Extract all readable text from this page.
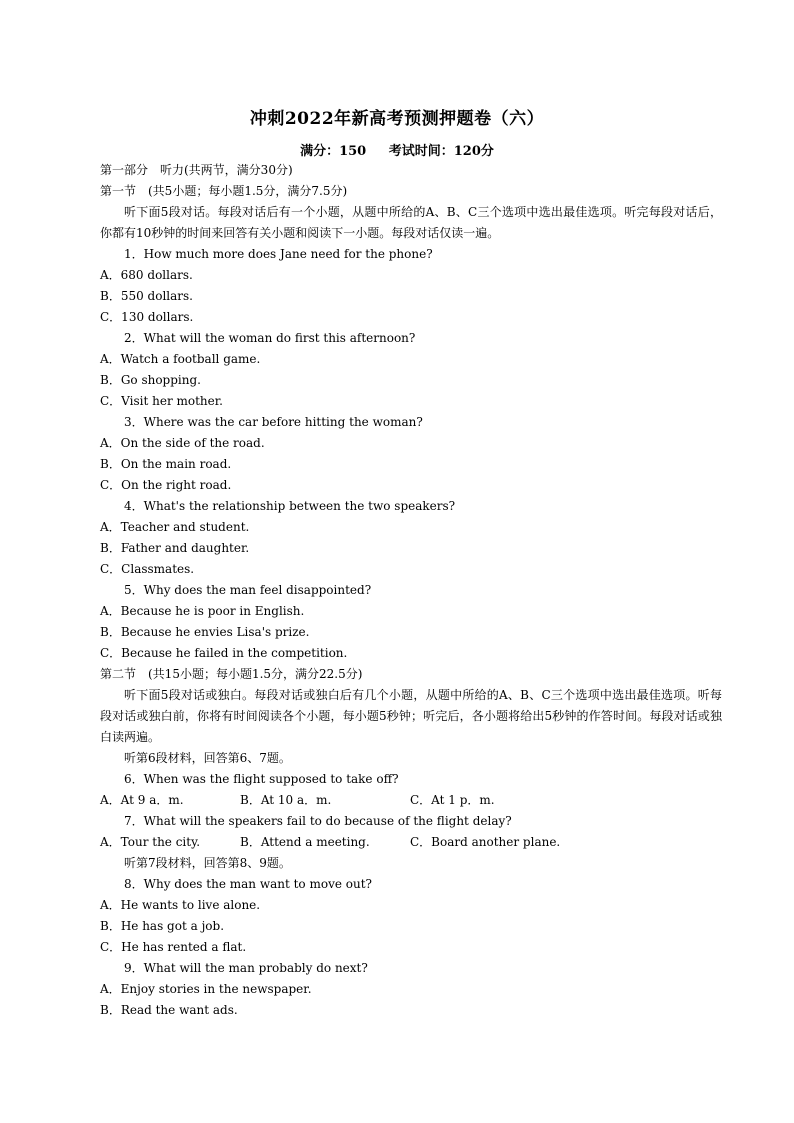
冲刺2022年新高考预测押题卷（六）
满分：150 考试时间：120分
第一部分　听力(共两节，满分30分)
第一节　(共5小题；每小题1.5分，满分7.5分)
听下面5段对话。每段对话后有一个小题，从题中所给的A、B、C三个选项中选出最佳选项。听完每段对话后，你都有10秒钟的时间来回答有关小题和阅读下一小题。每段对话仅读一遍。
1．How much more does Jane need for the phone?
A．680 dollars.
B．550 dollars.
C．130 dollars.
2．What will the woman do first this afternoon?
A．Watch a football game.
B．Go shopping.
C．Visit her mother.
3．Where was the car before hitting the woman?
A．On the side of the road.
B．On the main road.
C．On the right road.
4．What's the relationship between the two speakers?
A．Teacher and student.
B．Father and daughter.
C．Classmates.
5．Why does the man feel disappointed?
A．Because he is poor in English.
B．Because he envies Lisa's prize.
C．Because he failed in the competition.
第二节　(共15小题；每小题1.5分，满分22.5分)
听下面5段对话或独白。每段对话或独白后有几个小题，从题中所给的A、B、C三个选项中选出最佳选项。听每段对话或独白前，你将有时间阅读各个小题，每小题5秒钟；听完后，各小题将给出5秒钟的作答时间。每段对话或独白读两遍。
听第6段材料，回答第6、7题。
6．When was the flight supposed to take off?
A．At 9 a．m.	B．At 10 a．m.	C．At 1 p．m.
7．What will the speakers fail to do because of the flight delay?
A．Tour the city.	B．Attend a meeting.	C．Board another plane.
听第7段材料，回答第8、9题。
8．Why does the man want to move out?
A．He wants to live alone.
B．He has got a job.
C．He has rented a flat.
9．What will the man probably do next?
A．Enjoy stories in the newspaper.
B．Read the want ads.
